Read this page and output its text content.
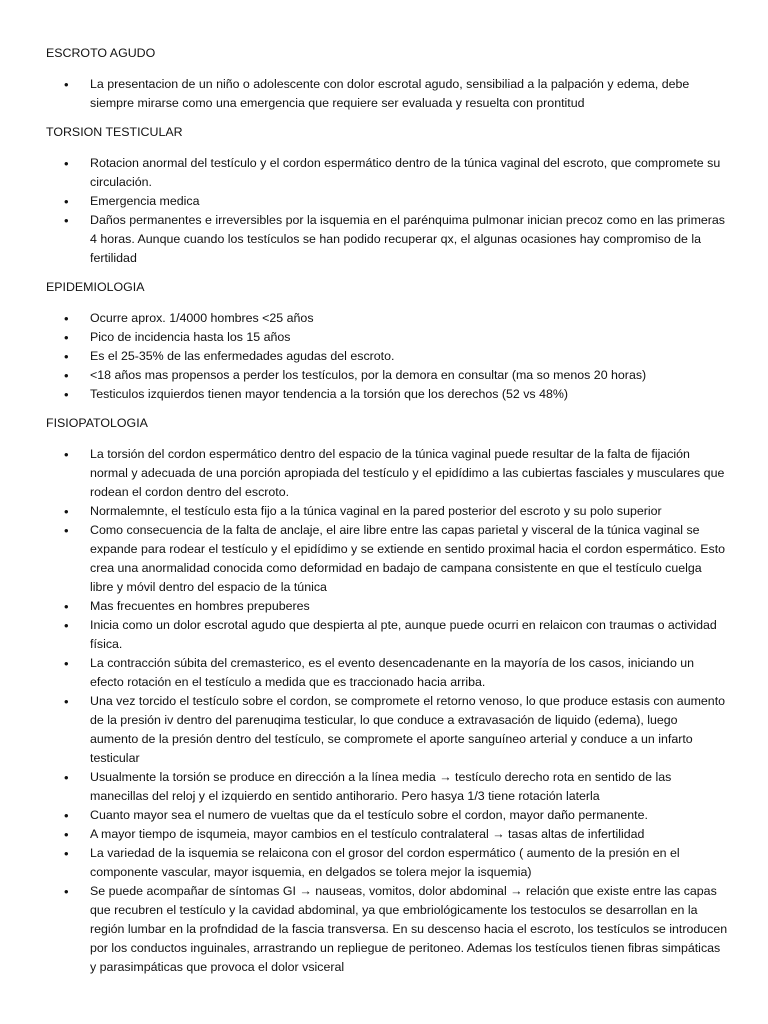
ESCROTO AGUDO
• La presentacion de un niño o adolescente con dolor escrotal agudo, sensibiliad a la palpación y edema, debe siempre mirarse como una emergencia que requiere ser evaluada y resuelta con prontitud
TORSION TESTICULAR
• Rotacion anormal del testículo y el cordon espermático dentro de la túnica vaginal del escroto, que compromete su circulación.
• Emergencia medica
• Daños permanentes e irreversibles por la isquemia en el parénquima pulmonar inician precoz como en las primeras 4 horas. Aunque cuando los testículos se han podido recuperar qx, el algunas ocasiones hay compromiso de la fertilidad
EPIDEMIOLOGIA
• Ocurre aprox. 1/4000 hombres <25 años
• Pico de incidencia hasta los 15 años
• Es el 25-35% de las enfermedades agudas del escroto.
• <18 años mas propensos a perder los testículos, por la demora en consultar (ma so menos 20 horas)
• Testiculos izquierdos tienen mayor tendencia a la torsión que los derechos (52 vs 48%)
FISIOPATOLOGIA
• La torsión del cordon espermático dentro del espacio de la túnica vaginal puede resultar de la falta de fijación normal y adecuada de una porción apropiada del testículo y el epidídimo a las cubiertas fasciales y musculares que rodean el cordon dentro del escroto.
• Normalemnte, el testículo esta fijo a la túnica vaginal en la pared posterior del escroto y su polo superior
• Como consecuencia de la falta de anclaje, el aire libre entre las capas parietal y visceral de la túnica vaginal se expande para rodear el testículo y el epidídimo y se extiende en sentido proximal hacia el cordon espermático. Esto crea una anormalidad conocida como deformidad en badajo de campana consistente en que el testículo cuelga libre y móvil dentro del espacio de la túnica
• Mas frecuentes en hombres prepuberes
• Inicia como un dolor escrotal agudo que despierta al pte, aunque puede ocurri en relaicon con traumas o actividad física.
• La contracción súbita del cremasterico, es el evento desencadenante en la mayoría de los casos, iniciando un efecto rotación en el testículo a medida que es traccionado hacia arriba.
• Una vez torcido el testículo sobre el cordon, se compromete el retorno venoso, lo que produce estasis con aumento de la presión iv dentro del parenuqima testicular, lo que conduce a extravasación de liquido (edema), luego aumento de la presión dentro del testículo, se compromete el aporte sanguíneo arterial y conduce a un infarto testicular
• Usualmente la torsión se produce en dirección a la línea media → testículo derecho rota en sentido de las manecillas del reloj y el izquierdo en sentido antihorario. Pero hasya 1/3 tiene rotación laterla
• Cuanto mayor sea el numero de vueltas que da el testículo sobre el cordon, mayor daño permanente.
• A mayor tiempo de isqumeia, mayor cambios en el testículo contralateral → tasas altas de infertilidad
• La variedad de la isquemia se relaicona con el grosor del cordon espermático ( aumento de la presión en el componente vascular, mayor isquemia, en delgados se tolera mejor la isquemia)
• Se puede acompañar de síntomas GI → nauseas, vomitos, dolor abdominal → relación que existe entre las capas que recubren el testículo y la cavidad abdominal, ya que embriológicamente los testoculos se desarrollan en la región lumbar en la profndidad de la fascia transversa. En su descenso hacia el escroto, los testículos se introducen por los conductos inguinales, arrastrando un repliegue de peritoneo. Ademas los testículos tienen fibras simpáticas y parasimpáticas que provoca el dolor vsiceral
